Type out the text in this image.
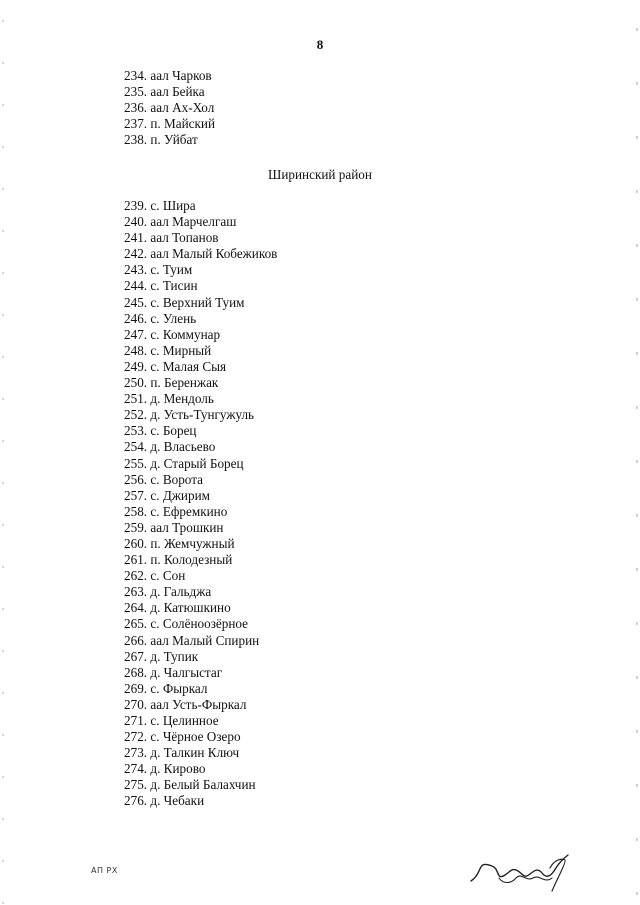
8
234. аал Чарков
235. аал Бейка
236. аал Ах-Хол
237. п. Майский
238. п. Уйбат
Ширинский район
239. с. Шира
240. аал Марчелгаш
241. аал Топанов
242. аал Малый Кобежиков
243. с. Туим
244. с. Тисин
245. с. Верхний Туим
246. с. Улень
247. с. Коммунар
248. с. Мирный
249. с. Малая Сыя
250. п. Беренжак
251. д. Мендоль
252. д. Усть-Тунгужуль
253. с. Борец
254. д. Власьево
255. д. Старый Борец
256. с. Ворота
257. с. Джирим
258. с. Ефремкино
259. аал Трошкин
260. п. Жемчужный
261. п. Колодезный
262. с. Сон
263. д. Гальджа
264. д. Катюшкино
265. с. Солёноозёрное
266. аал Малый Спирин
267. д. Тупик
268. д. Чалгыстаг
269. с. Фыркал
270. аал Усть-Фыркал
271. с. Целинное
272. с. Чёрное Озеро
273. д. Талкин Ключ
274. д. Кирово
275. д. Белый Балахчин
276. д. Чебаки
АП РХ
